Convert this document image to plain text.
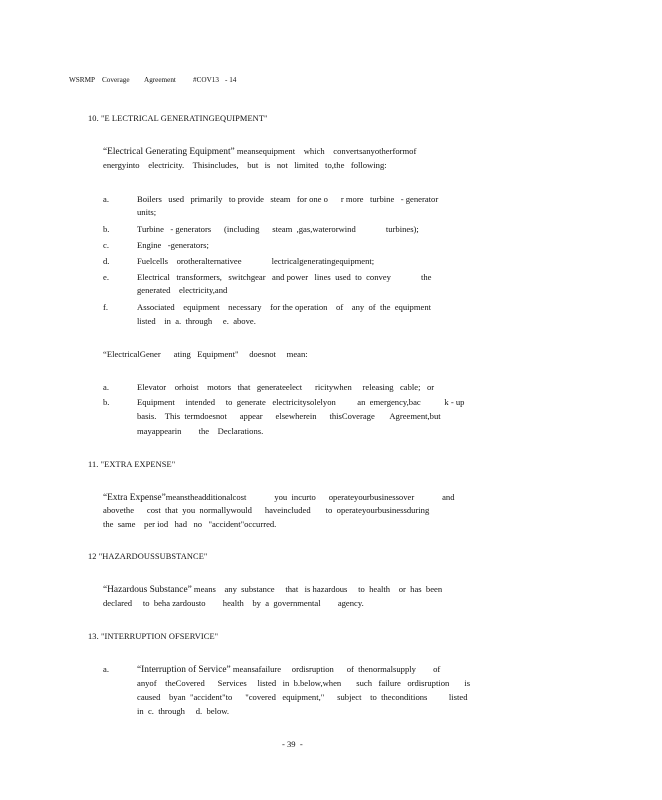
WSRMP Coverage Agreement #COV13 - 14
10. "E LECTRICAL GENERATINGEQUIPMENT"
“Electrical Generating Equipment” meansequipment    which    convertsanyotherformof
energyinto    electricity.    Thisincludes,    but   is   not   limited   to,the   following:
a.	Boilers   used   primarily   to provide   steam   for one o      r more   turbine   - generator
units;
b.	Turbine   - generators      (including      steam  ,gas,waterorwind              turbines);
c.	Engine   -generators;
d.	Fuelcells    orotheralternativee              lectricalgeneratingequipment;
e.	Electrical   transformers,   switchgear   and power   lines  used  to  convey              the
generated    electricity,and
f.	Associated    equipment    necessary    for the operation    of    any  of  the  equipment
listed    in  a.  through     e.  above.
“ElectricalGener      ating   Equipment"     doesnot     mean:
a.	Elevator    orhoist    motors   that   generateelect      ricitywhen     releasing   cable;   or
b.	Equipment     intended     to  generate   electricitysolelyon          an  emergency,bac           k - up
basis.    This  termdoesnot      appear      elsewherein      thisCoverage       Agreement,but
mayappearin        the    Declarations.
11. "EXTRA EXPENSE"
“Extra Expense”meanstheadditionalcost             you  incurto      operateyourbusinessover             and
abovethe      cost  that  you  normallywould      haveincluded       to  operateyourbusinessduring
the  same    per iod   had   no   "accident"occurred.
12 "HAZARDOUSSUBSTANCE"
“Hazardous Substance” means    any  substance     that   is hazardous     to  health    or  has  been
declared     to  beha zardousto        health    by  a  governmental        agency.
13. "INTERRUPTION OFSERVICE"
a.	“Interruption of Service” meansafailure     ordisruption      of  thenormalsupply        of
anyof    theCovered      Services     listed   in  b.below,when       such   failure   ordisruption       is
caused    byan  "accident"to      "covered   equipment,"      subject    to  theconditions          listed
in  c.  through     d.  below.
- 39  -
